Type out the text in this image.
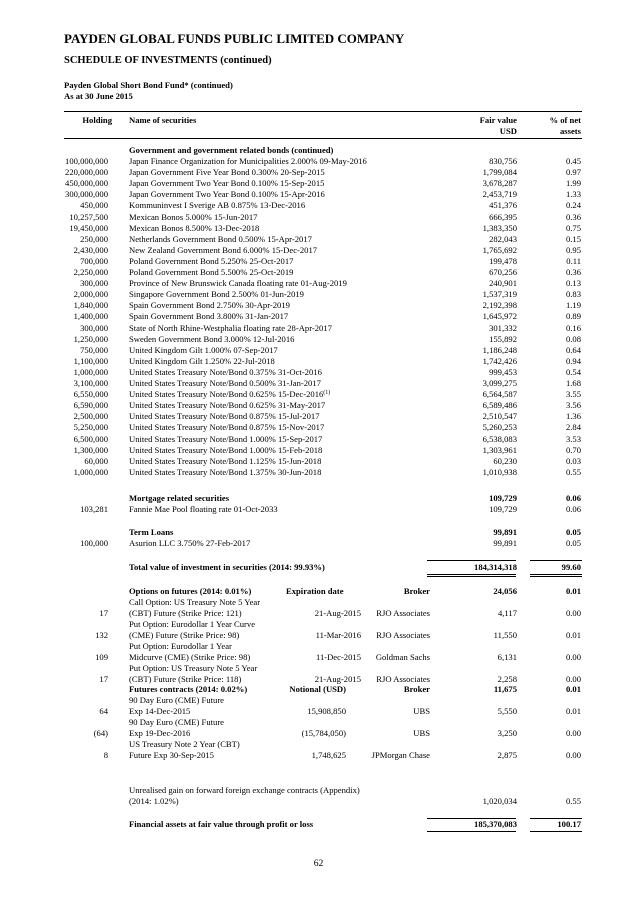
PAYDEN GLOBAL FUNDS PUBLIC LIMITED COMPANY
SCHEDULE OF INVESTMENTS (continued)
Payden Global Short Bond Fund* (continued)
As at 30 June 2015
Holding Name of securities	Fair value
USD
% of net
assets
Government and government related bonds (continued)
100,000,000 Japan Finance Organization for Municipalities 2.000% 09-May-2016	830,756	0.45
220,000,000 Japan Government Five Year Bond 0.300% 20-Sep-2015	1,799,084	0.97
450,000,000 Japan Government Two Year Bond 0.100% 15-Sep-2015	3,678,287	1.99
300,000,000 Japan Government Two Year Bond 0.100% 15-Apr-2016	2,453,719	1.33
450,000 Kommuninvest I Sverige AB 0.875% 13-Dec-2016	451,376	0.24
10,257,500 Mexican Bonos 5.000% 15-Jun-2017	666,395	0.36
19,450,000 Mexican Bonos 8.500% 13-Dec-2018	1,383,350	0.75
250,000 Netherlands Government Bond 0.500% 15-Apr-2017	282,043	0.15
2,430,000 New Zealand Government Bond 6.000% 15-Dec-2017	1,765,692	0.95
700,000 Poland Government Bond 5.250% 25-Oct-2017	199,478	0.11
2,250,000 Poland Government Bond 5.500% 25-Oct-2019	670,256	0.36
300,000 Province of New Brunswick Canada floating rate 01-Aug-2019	240,901	0.13
2,000,000 Singapore Government Bond 2.500% 01-Jun-2019	1,537,319	0.83
1,840,000 Spain Government Bond 2.750% 30-Apr-2019	2,192,398	1.19
1,400,000 Spain Government Bond 3.800% 31-Jan-2017	1,645,972	0.89
300,000 State of North Rhine-Westphalia floating rate 28-Apr-2017	301,332	0.16
1,250,000 Sweden Government Bond 3.000% 12-Jul-2016	155,892	0.08
750,000 United Kingdom Gilt 1.000% 07-Sep-2017	1,186,248	0.64
1,100,000 United Kingdom Gilt 1.250% 22-Jul-2018	1,742,426	0.94
1,000,000 United States Treasury Note/Bond 0.375% 31-Oct-2016	999,453	0.54
3,100,000 United States Treasury Note/Bond 0.500% 31-Jan-2017	3,099,275	1.68
6,550,000 United States Treasury Note/Bond 0.625% 15-Dec-2016$^{(1)}$	6,564,587	3.55
6,590,000 United States Treasury Note/Bond 0.625% 31-May-2017	6,589,486	3.56
2,500,000 United States Treasury Note/Bond 0.875% 15-Jul-2017	2,510,547	1.36
5,250,000 United States Treasury Note/Bond 0.875% 15-Nov-2017	5,260,253	2.84
6,500,000 United States Treasury Note/Bond 1.000% 15-Sep-2017	6,538,083	3.53
1,300,000 United States Treasury Note/Bond 1.000% 15-Feb-2018	1,303,961	0.70
60,000 United States Treasury Note/Bond 1.125% 15-Jun-2018	60,230	0.03
1,000,000 United States Treasury Note/Bond 1.375% 30-Jun-2018	1,010,938	0.55
Mortgage related securities	109,729	0.06
103,281 Fannie Mae Pool floating rate 01-Oct-2033	109,729	0.06
Term Loans	99,891	0.05
100,000 Asurion LLC 3.750% 27-Feb-2017	99,891	0.05
Total value of investment in securities (2014: 99.93%)	184,314,318	99.60
Options on futures (2014: 0.01%)	Expiration date	Broker	24,056	0.01
Call Option: US Treasury Note 5 Year
17 (CBT) Future (Strike Price: 121)	21-Aug-2015 RJO Associates	4,117	0.00
Put Option: Eurodollar 1 Year Curve
132 (CME) Future (Strike Price: 98)	11-Mar-2016 RJO Associates	11,550	0.01
Put Option: Eurodollar 1 Year
109 Midcurve (CME) (Strike Price: 98)	11-Dec-2015 Goldman Sachs	6,131	0.00
Put Option: US Treasury Note 5 Year
17 (CBT) Future (Strike Price: 118)	21-Aug-2015 RJO Associates	2,258	0.00
Futures contracts (2014: 0.02%)	Notional (USD)	Broker	11,675	0.01
90 Day Euro (CME) Future
64 Exp 14-Dec-2015	15,908,850	UBS	5,550	0.01
90 Day Euro (CME) Future
(64) Exp 19-Dec-2016	(15,784,050)	UBS	3,250	0.00
US Treasury Note 2 Year (CBT)
8 Future Exp 30-Sep-2015	1,748,625	JPMorgan Chase	2,875	0.00
Unrealised gain on forward foreign exchange contracts (Appendix)
(2014: 1.02%)	1,020,034	0.55
Financial assets at fair value through profit or loss	185,370,083	100.17
62
